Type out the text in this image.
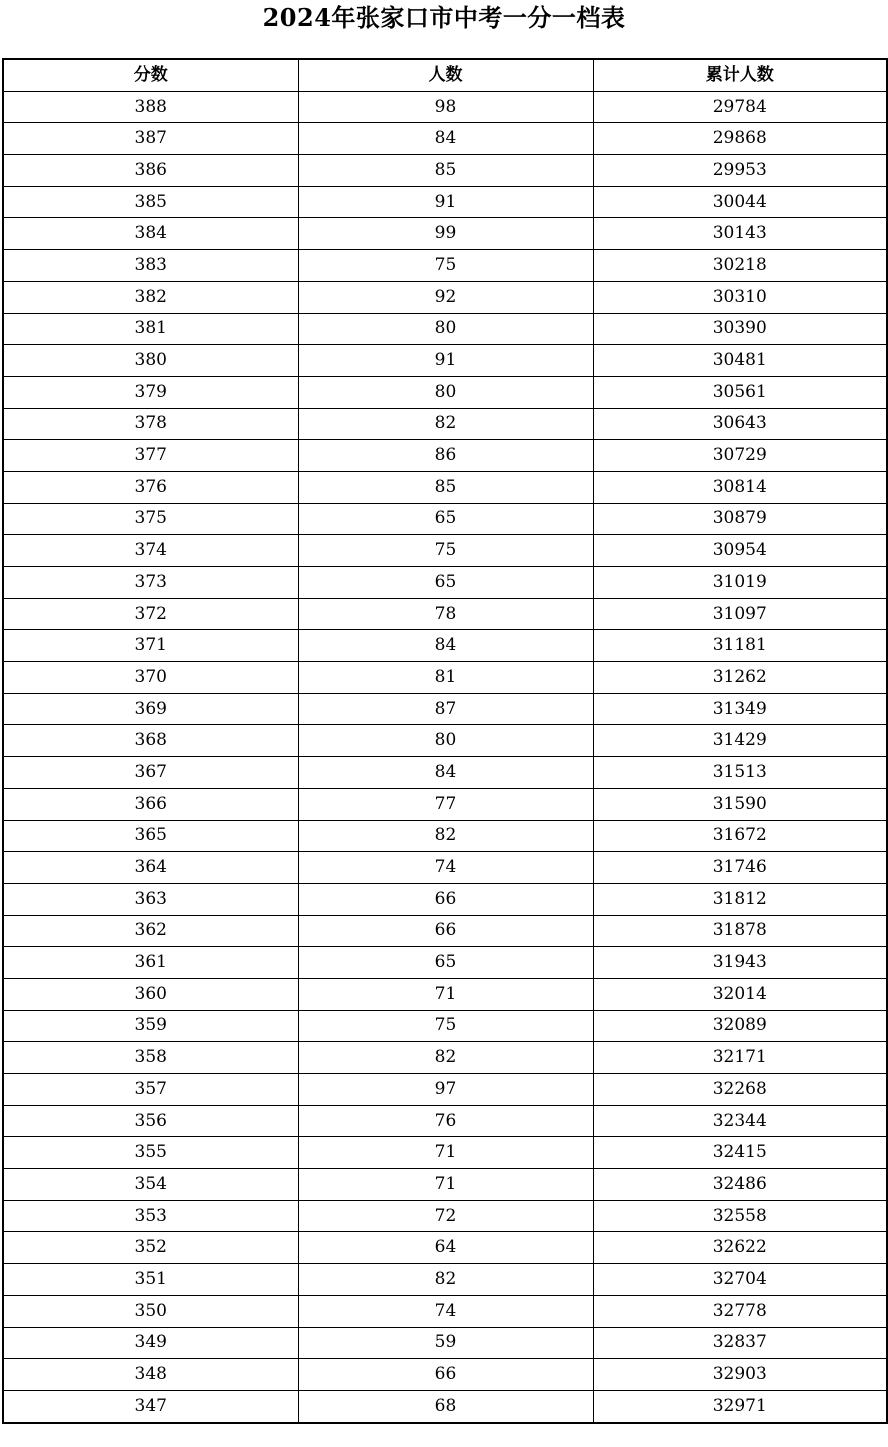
2024年张家口市中考一分一档表
分数	人数	累计人数
388	98	29784
387	84	29868
386	85	29953
385	91	30044
384	99	30143
383	75	30218
382	92	30310
381	80	30390
380	91	30481
379	80	30561
378	82	30643
377	86	30729
376	85	30814
375	65	30879
374	75	30954
373	65	31019
372	78	31097
371	84	31181
370	81	31262
369	87	31349
368	80	31429
367	84	31513
366	77	31590
365	82	31672
364	74	31746
363	66	31812
362	66	31878
361	65	31943
360	71	32014
359	75	32089
358	82	32171
357	97	32268
356	76	32344
355	71	32415
354	71	32486
353	72	32558
352	64	32622
351	82	32704
350	74	32778
349	59	32837
348	66	32903
347	68	32971
